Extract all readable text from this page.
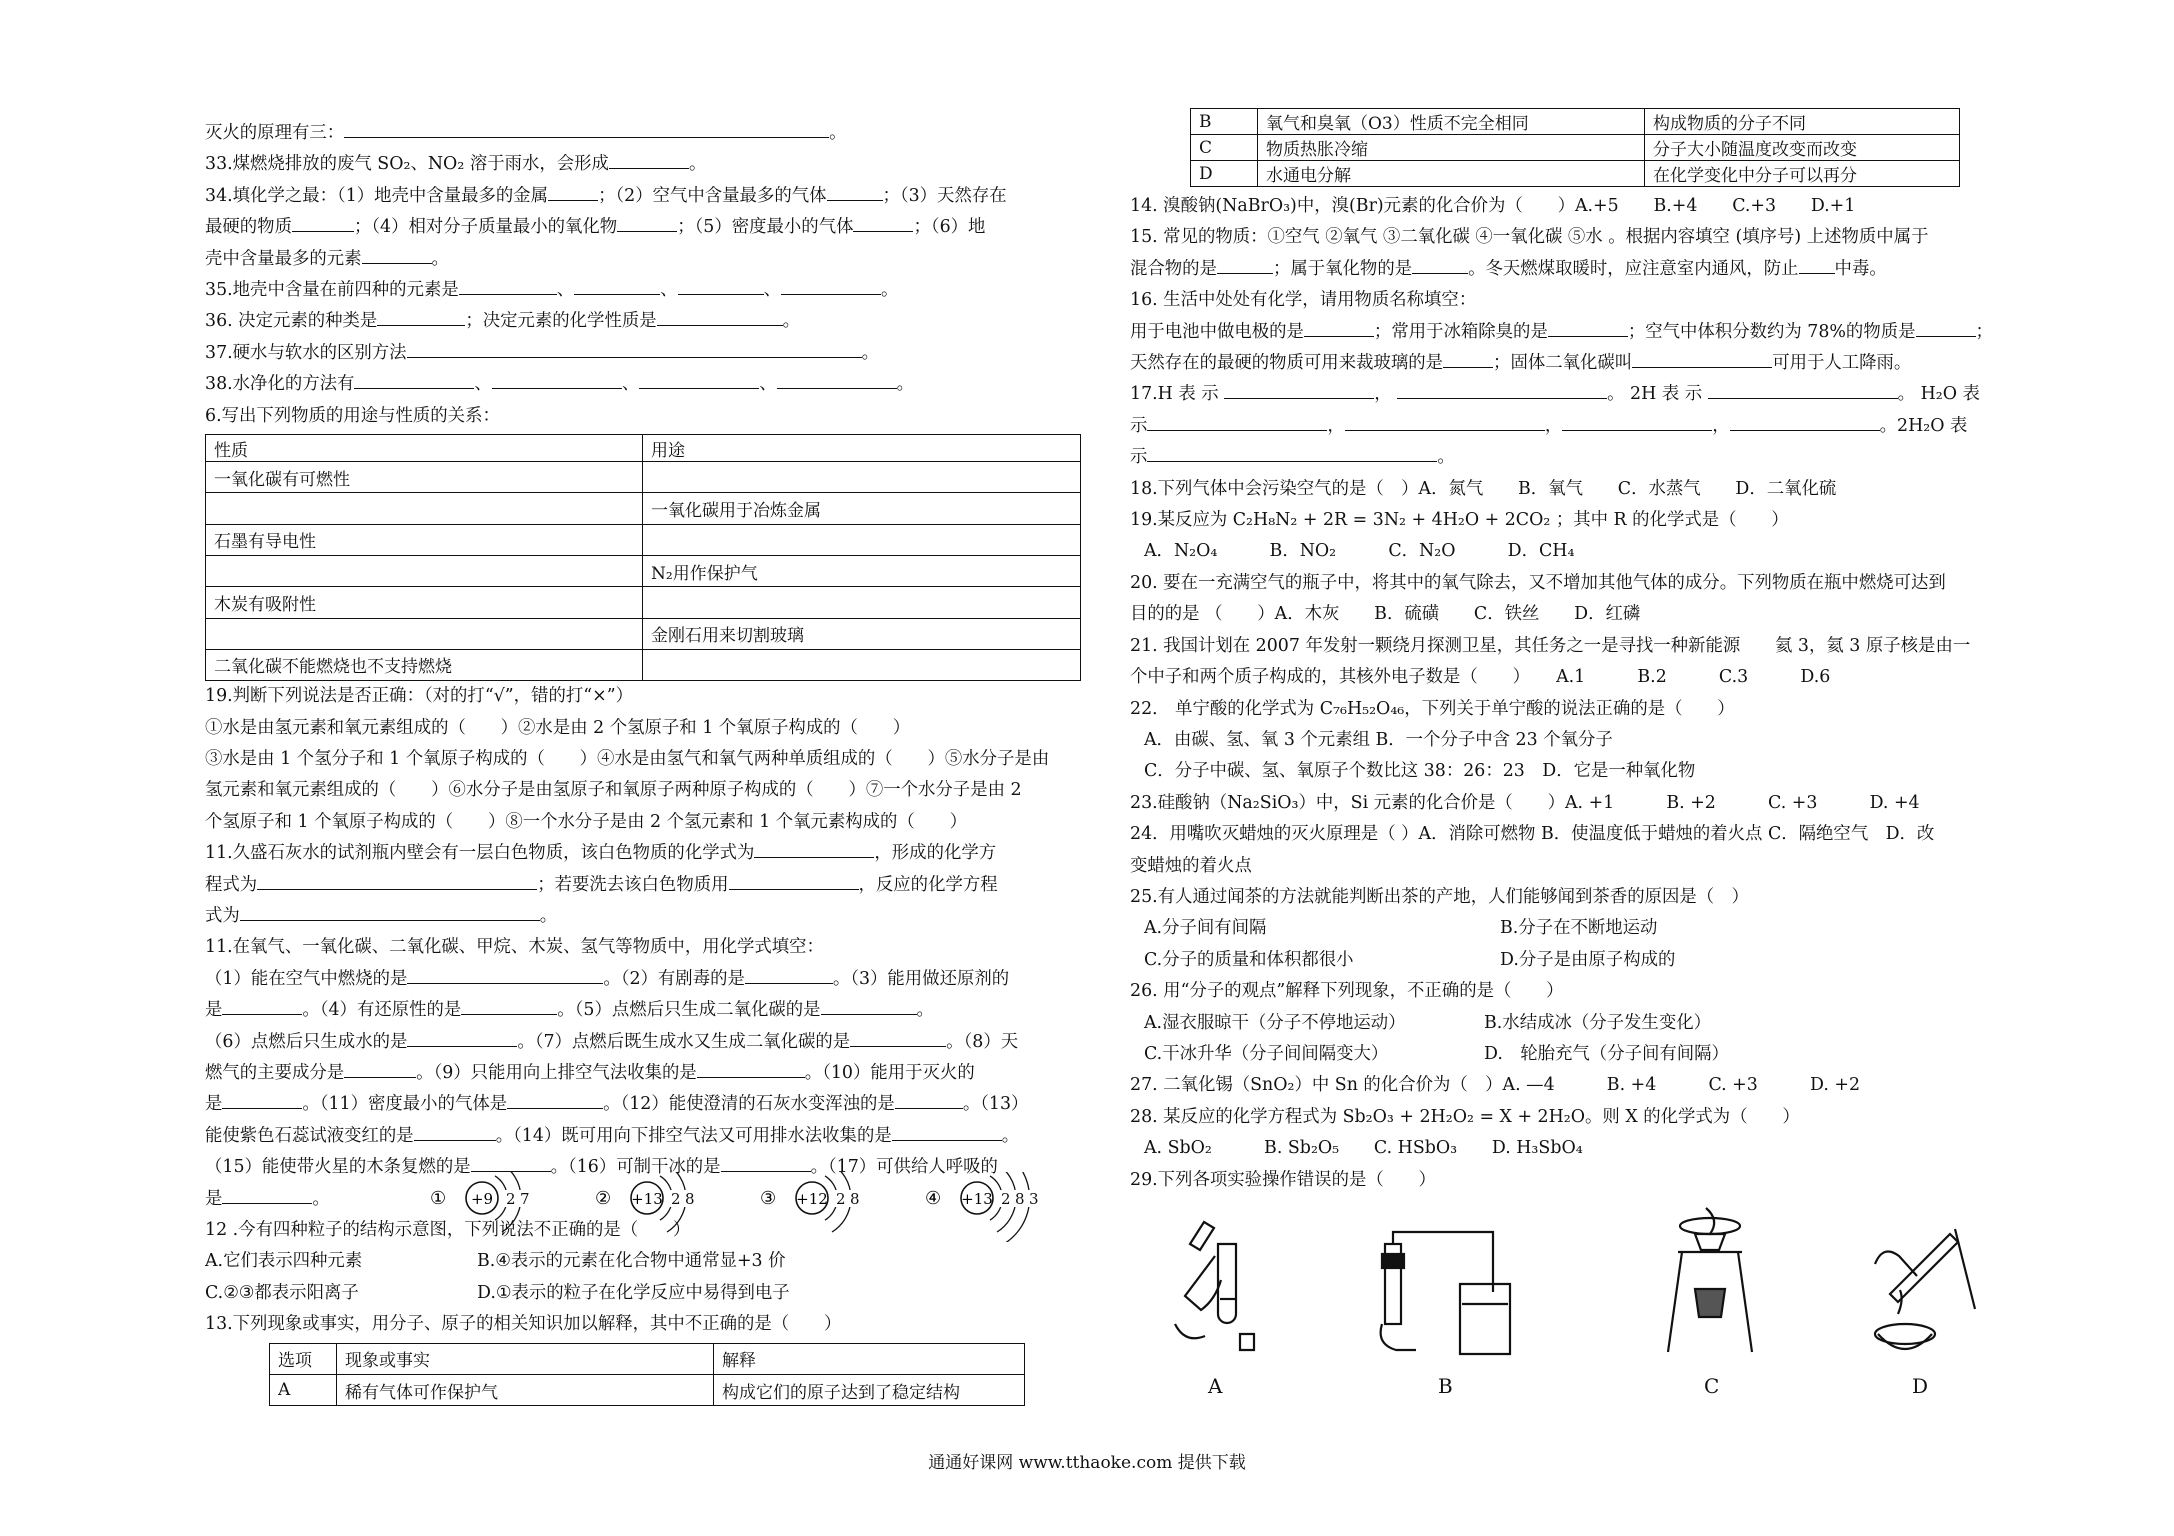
灭火的原理有三：	。
33.煤燃烧排放的废气 SO₂、NO₂ 溶于雨水，会形成	。
34.填化学之最：（1）地壳中含量最多的金属	；（2）空气中含量最多的气体	；（3）天然存在
最硬的物质	；（4）相对分子质量最小的氧化物	；（5）密度最小的气体	；（6）地
壳中含量最多的元素	。
35.地壳中含量在前四种的元素是	、	、	、	。
36. 决定元素的种类是	；决定元素的化学性质是	。
37.硬水与软水的区别方法	。
38.水净化的方法有	、	、	、	。
6.写出下列物质的用途与性质的关系：
性质	用途
一氧化碳有可燃性	
	一氧化碳用于冶炼金属
石墨有导电性	
	N₂用作保护气
木炭有吸附性	
	金刚石用来切割玻璃
二氧化碳不能燃烧也不支持燃烧	
19.判断下列说法是否正确：（对的打“√”，错的打“×”）
①水是由氢元素和氧元素组成的（　　）②水是由 2 个氢原子和 1 个氧原子构成的（　　）
③水是由 1 个氢分子和 1 个氧原子构成的（　　）④水是由氢气和氧气两种单质组成的（　　）⑤水分子是由
氢元素和氧元素组成的（　　）⑥水分子是由氢原子和氧原子两种原子构成的（　　）⑦一个水分子是由 2
个氢原子和 1 个氧原子构成的（　　）⑧一个水分子是由 2 个氢元素和 1 个氧元素构成的（　　）
11.久盛石灰水的试剂瓶内壁会有一层白色物质，该白色物质的化学式为	，形成的化学方
程式为	；若要洗去该白色物质用	，反应的化学方程
式为	。
11.在氧气、一氧化碳、二氧化碳、甲烷、木炭、氢气等物质中，用化学式填空：
（1）能在空气中燃烧的是	。（2）有剧毒的是	。（3）能用做还原剂的
是	。（4）有还原性的是	。（5）点燃后只生成二氧化碳的是	。
（6）点燃后只生成水的是	。（7）点燃后既生成水又生成二氧化碳的是	。（8）天
燃气的主要成分是	。（9）只能用向上排空气法收集的是	。（10）能用于灭火的
是	。（11）密度最小的气体是	。（12）能使澄清的石灰水变浑浊的是	。（13）
能使紫色石蕊试液变红的是	。（14）既可用向下排空气法又可用排水法收集的是	。
（15）能使带火星的木条复燃的是	。（16）可制干冰的是	。（17）可供给人呼吸的
是	。	① +9 2 7	② +13 2 8	③ +12 2 8	④ +13 2 8 3
12 .今有四种粒子的结构示意图，下列说法不正确的是（　　）
A.它们表示四种元素	B.④表示的元素在化合物中通常显+3 价
C.②③都表示阳离子	D.①表示的粒子在化学反应中易得到电子
13.下列现象或事实，用分子、原子的相关知识加以解释，其中不正确的是（　　）
选项	现象或事实	解释
A	稀有气体可作保护气	构成它们的原子达到了稳定结构
B	氧气和臭氧（O3）性质不完全相同	构成物质的分子不同
C	物质热胀冷缩	分子大小随温度改变而改变
D	水通电分解	在化学变化中分子可以再分
14. 溴酸钠(NaBrO₃)中，溴(Br)元素的化合价为（　　）A.+5　　B.+4　　C.+3　　D.+1
15. 常见的物质：①空气 ②氧气 ③二氧化碳 ④一氧化碳 ⑤水 。根据内容填空 (填序号) 上述物质中属于
混合物的是	；属于氧化物的是	。冬天燃煤取暖时，应注意室内通风，防止 中毒。
16. 生活中处处有化学，请用物质名称填空：
用于电池中做电极的是	；常用于冰箱除臭的是	；空气中体积分数约为 78%的物质是	；
天然存在的最硬的物质可用来裁玻璃的是	；固体二氧化碳叫	可用于人工降雨。
17.H 表 示	，	。 2H 表 示	。 H₂O 表
示	，	，	，	。2H₂O 表
示	。
18.下列气体中会污染空气的是（　）A．氮气　　B．氧气　　C．水蒸气　　D．二氧化硫
19.某反应为 C₂H₈N₂ + 2R = 3N₂ + 4H₂O + 2CO₂ ；其中 R 的化学式是（　　）
A．N₂O₄　　　B．NO₂　　　C．N₂O　　　D．CH₄
20. 要在一充满空气的瓶子中，将其中的氧气除去，又不增加其他气体的成分。下列物质在瓶中燃烧可达到
目的的是 （　　）A．木灰　　B．硫磺　　C．铁丝　　D．红磷
21. 我国计划在 2007 年发射一颗绕月探测卫星，其任务之一是寻找一种新能源　　氦 3，氦 3 原子核是由一
个中子和两个质子构成的，其核外电子数是（　　）　　A.1　　　B.2　　　C.3　　　D.6
22． 单宁酸的化学式为 C₇₆H₅₂O₄₆，下列关于单宁酸的说法正确的是（　　）
A．由碳、氢、氧 3 个元素组 B．一个分子中含 23 个氧分子
C．分子中碳、氢、氧原子个数比这 38：26：23　D．它是一种氧化物
23.硅酸钠（Na₂SiO₃）中，Si 元素的化合价是（　　）A. +1　　　B. +2　　　C. +3　　　D. +4
24．用嘴吹灭蜡烛的灭火原理是（ ）A．消除可燃物 B．使温度低于蜡烛的着火点 C．隔绝空气　D．改
变蜡烛的着火点
25.有人通过闻茶的方法就能判断出茶的产地，人们能够闻到茶香的原因是（　）
A.分子间有间隔	B.分子在不断地运动
C.分子的质量和体积都很小	D.分子是由原子构成的
26. 用“分子的观点”解释下列现象，不正确的是（　　）
A.湿衣服晾干（分子不停地运动）	B.水结成冰（分子发生变化）
C.干冰升华（分子间间隔变大）	D.　轮胎充气（分子间有间隔）
27. 二氧化锡（SnO₂）中 Sn 的化合价为（　）A. —4　　　B. +4　　　C. +3　　　D. +2
28. 某反应的化学方程式为 Sb₂O₃ + 2H₂O₂ = X + 2H₂O。则 X 的化学式为（　　）
A. SbO₂　　　B. Sb₂O₅　　C. HSbO₃　　D. H₃SbO₄
29.下列各项实验操作错误的是（　　）
A	B	C	D
通通好课网 www.tthaoke.com 提供下载
